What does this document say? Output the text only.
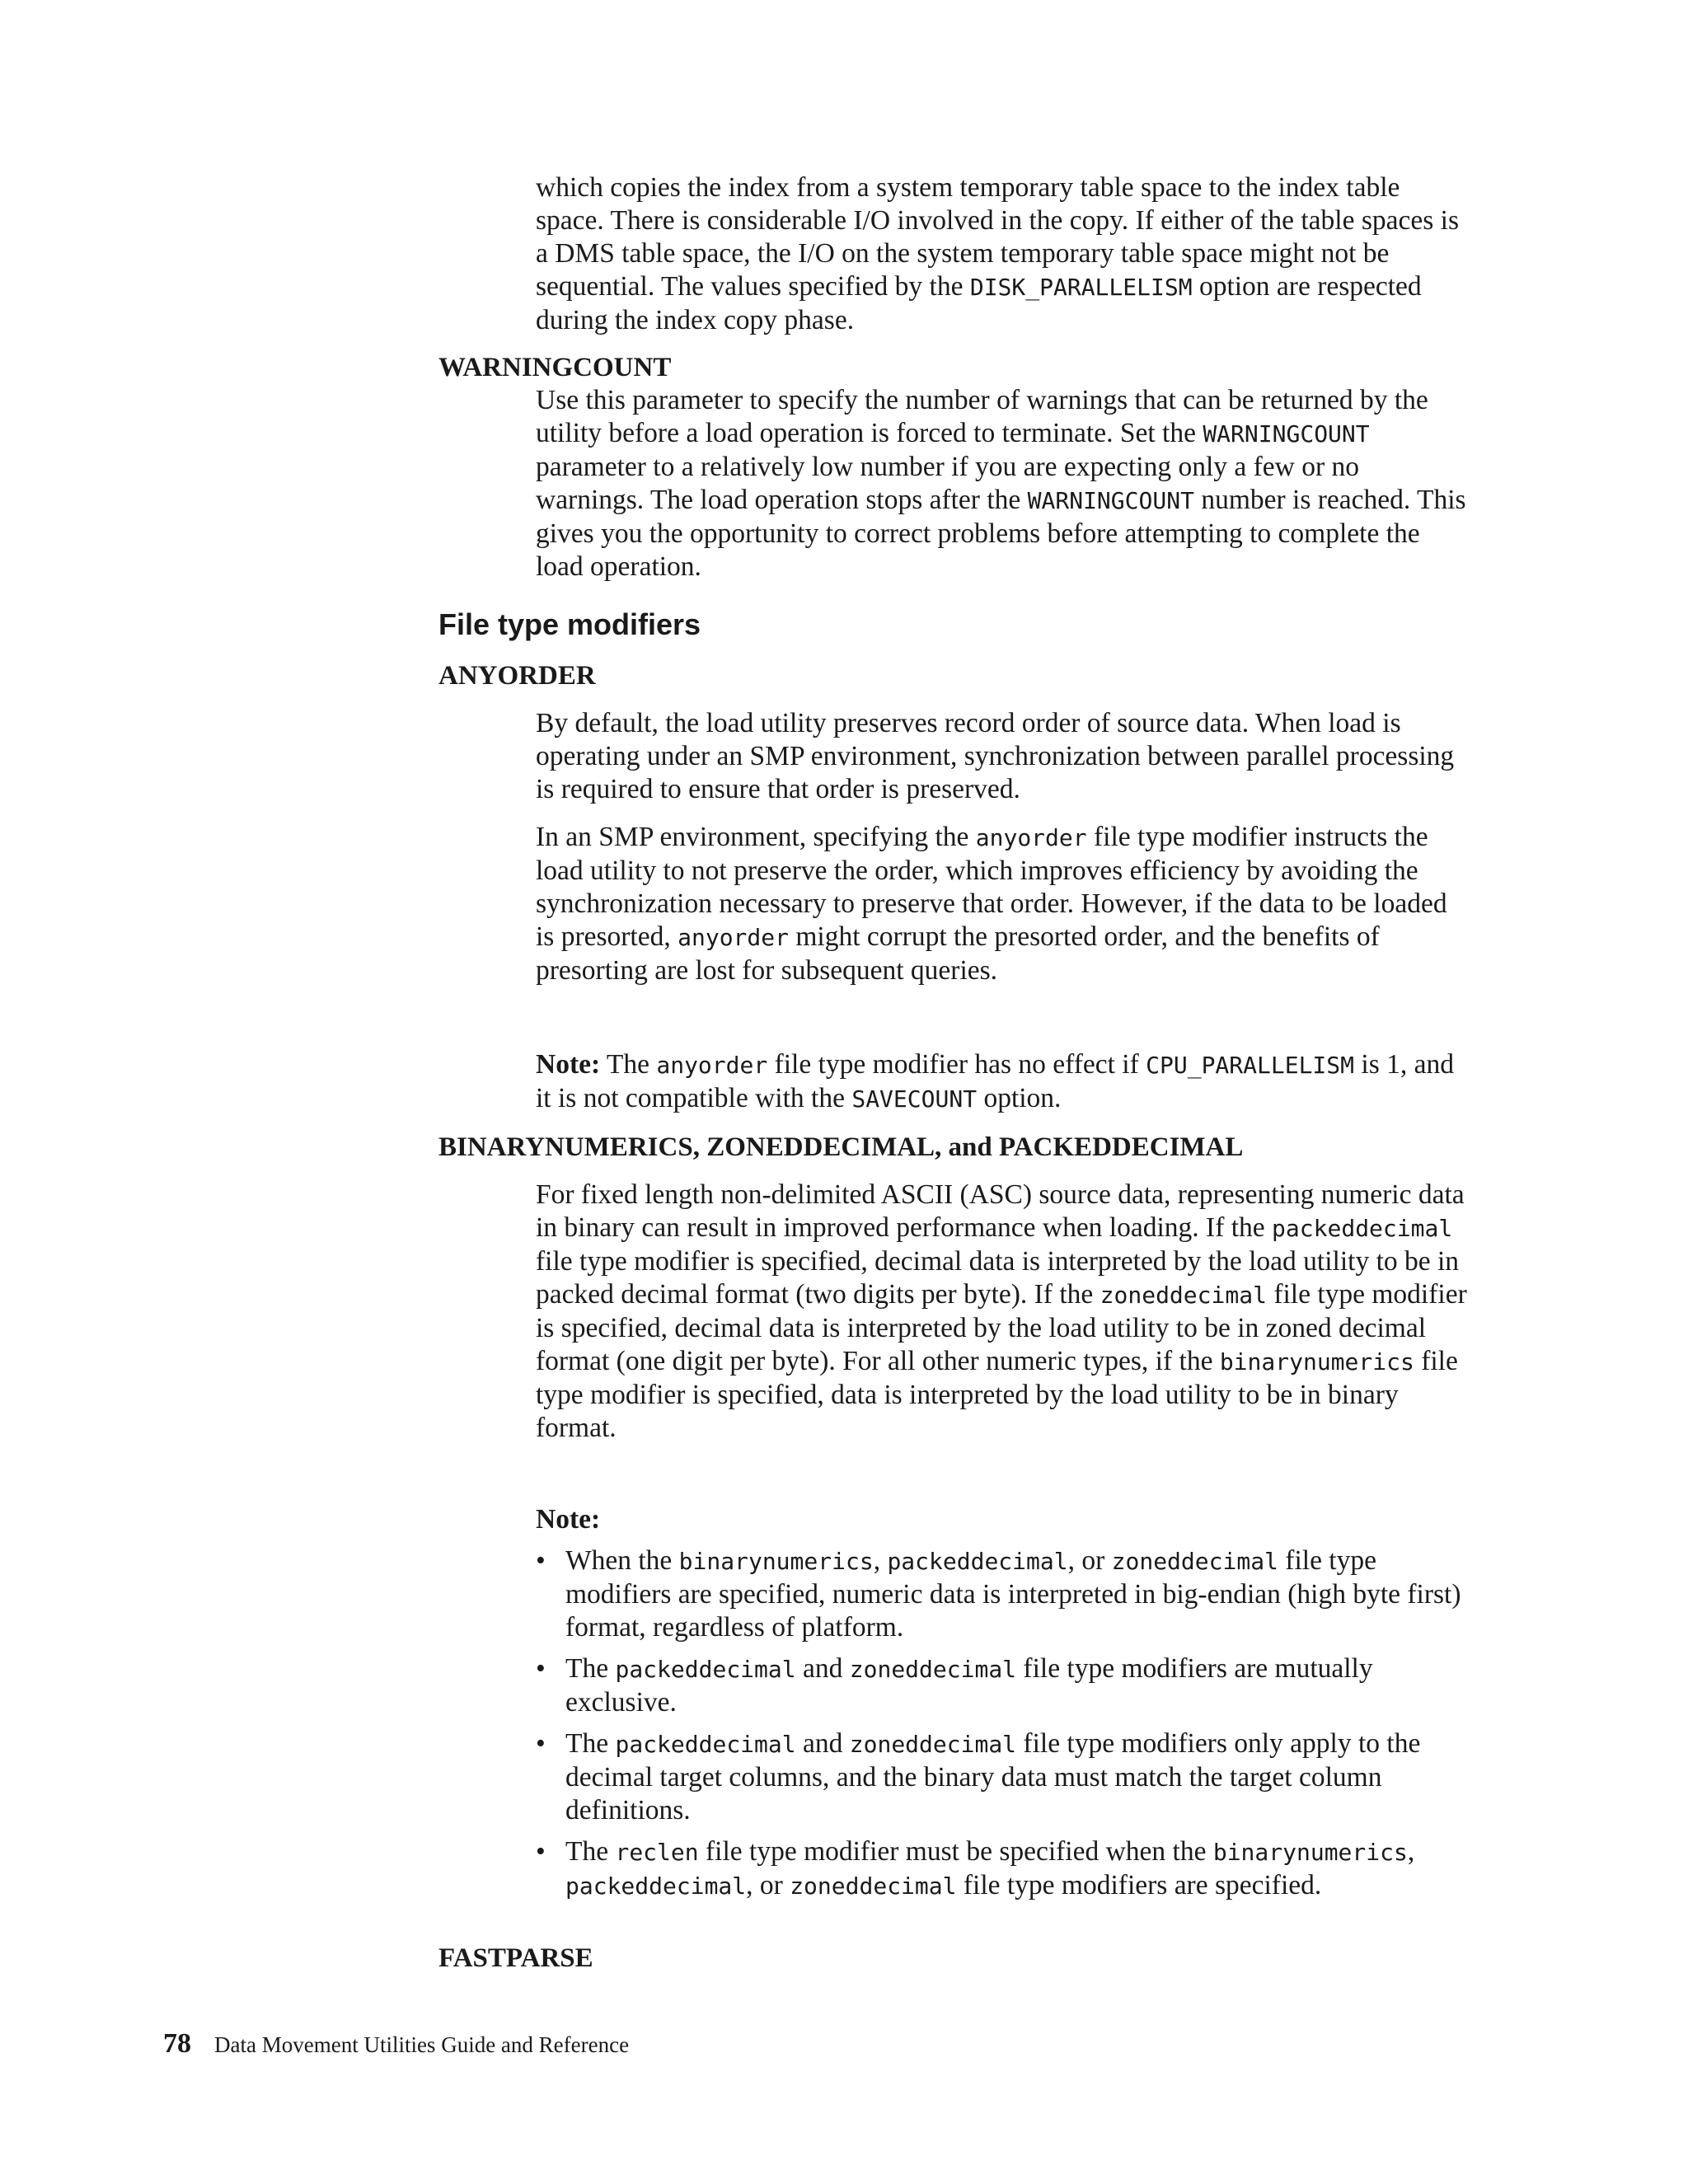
which copies the index from a system temporary table space to the index table space. There is considerable I/O involved in the copy. If either of the table spaces is a DMS table space, the I/O on the system temporary table space might not be sequential. The values specified by the DISK_PARALLELISM option are respected during the index copy phase.

WARNINGCOUNT

Use this parameter to specify the number of warnings that can be returned by the utility before a load operation is forced to terminate. Set the WARNINGCOUNT parameter to a relatively low number if you are expecting only a few or no warnings. The load operation stops after the WARNINGCOUNT number is reached. This gives you the opportunity to correct problems before attempting to complete the load operation.

File type modifiers
ANYORDER

By default, the load utility preserves record order of source data. When load is operating under an SMP environment, synchronization between parallel processing is required to ensure that order is preserved.

In an SMP environment, specifying the anyorder file type modifier instructs the load utility to not preserve the order, which improves efficiency by avoiding the synchronization necessary to preserve that order. However, if the data to be loaded is presorted, anyorder might corrupt the presorted order, and the benefits of presorting are lost for subsequent queries.

Note: The anyorder file type modifier has no effect if CPU_PARALLELISM is 1, and it is not compatible with the SAVECOUNT option.

BINARYNUMERICS, ZONEDDECIMAL, and PACKEDDECIMAL

For fixed length non-delimited ASCII (ASC) source data, representing numeric data in binary can result in improved performance when loading. If the packeddecimal file type modifier is specified, decimal data is interpreted by the load utility to be in packed decimal format (two digits per byte). If the zoneddecimal file type modifier is specified, decimal data is interpreted by the load utility to be in zoned decimal format (one digit per byte). For all other numeric types, if the binarynumerics file type modifier is specified, data is interpreted by the load utility to be in binary format.

Note:
• When the binarynumerics, packeddecimal, or zoneddecimal file type modifiers are specified, numeric data is interpreted in big-endian (high byte first) format, regardless of platform.
• The packeddecimal and zoneddecimal file type modifiers are mutually exclusive.
• The packeddecimal and zoneddecimal file type modifiers only apply to the decimal target columns, and the binary data must match the target column definitions.
• The reclen file type modifier must be specified when the binarynumerics, packeddecimal, or zoneddecimal file type modifiers are specified.
FASTPARSE
78 Data Movement Utilities Guide and Reference
